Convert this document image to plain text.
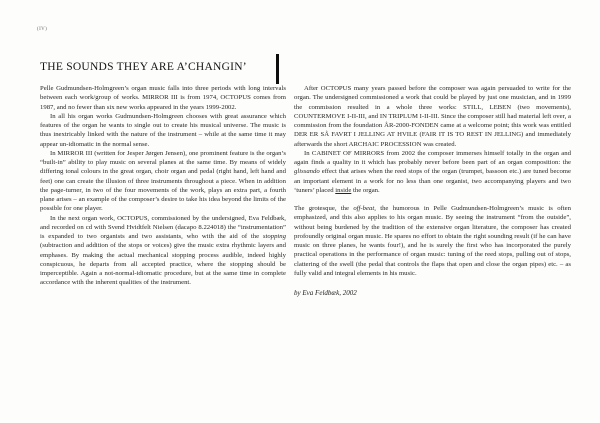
(IV)
THE SOUNDS THEY ARE A’CHANGIN’

Pelle Gudmundsen-Holmgreen’s organ music falls into three periods with long intervals between each work/group of works. MIRROR III is from 1974, OCTOPUS comes from 1987, and no fewer than six new works appeared in the years 1999-2002.

In all his organ works Gudmundsen-Holmgreen chooses with great assurance which features of the organ he wants to single out to create his musical universe. The music is thus inextricably linked with the nature of the instrument – while at the same time it may appear un-idiomatic in the normal sense.

In MIRROR III (written for Jesper Jørgen Jensen), one prominent feature is the organ’s “built-in” ability to play music on several planes at the same time. By means of widely differing tonal colours in the great organ, choir organ and pedal (right hand, left hand and feet) one can create the illusion of three instruments throughout a piece. When in addition the page-turner, in two of the four movements of the work, plays an extra part, a fourth plane arises – an example of the composer’s desire to take his idea beyond the limits of the possible for one player.

In the next organ work, OCTOPUS, commissioned by the undersigned, Eva Feldbæk, and recorded on cd with Svend Hvidtfelt Nielsen (dacapo 8.224018) the “instrumentation” is expanded to two organists and two assistants, who with the aid of the stopping (subtraction and addition of the stops or voices) give the music extra rhythmic layers and emphases. By making the actual mechanical stopping process audible, indeed highly conspicuous, he departs from all accepted practice, where the stopping should be imperceptible. Again a not-normal-idiomatic procedure, but at the same time in complete accordance with the inherent qualities of the instrument.

After OCTOPUS many years passed before the composer was again persuaded to write for the organ. The undersigned commissioned a work that could be played by just one musician, and in 1999 the commission resulted in a whole three works: STILL, LEBEN (two movements), COUNTERMOVE I-II-III, and IN TRIPLUM I-II-III. Since the composer still had material left over, a commission from the foundation ÅR-2000-FONDEN came at a welcome point; this work was entitled DER ER SÅ FAVRT I JELLING AT HVILE (FAIR IT IS TO REST IN JELLING) and immediately afterwards the short ARCHAIC PROCESSION was created.

In CABINET OF MIRRORS from 2002 the composer immerses himself totally in the organ and again finds a quality in it which has probably never before been part of an organ composition: the glissando effect that arises when the reed stops of the organ (trumpet, bassoon etc.) are tuned become an important element in a work for no less than one organist, two accompanying players and two ‘tuners’ placed inside the organ.

The grotesque, the off-beat, the humorous in Pelle Gudmundsen-Holmgreen’s music is often emphasized, and this also applies to his organ music. By seeing the instrument “from the outside”, without being burdened by the tradition of the extensive organ literature, the composer has created profoundly original organ music. He spares no effort to obtain the right sounding result (if he can have music on three planes, he wants four!), and he is surely the first who has incorporated the purely practical operations in the performance of organ music: tuning of the reed stops, pulling out of stops, clattering of the swell (the pedal that controls the flaps that open and close the organ pipes) etc. – as fully valid and integral elements in his music.

by Eva Feldbæk, 2002
